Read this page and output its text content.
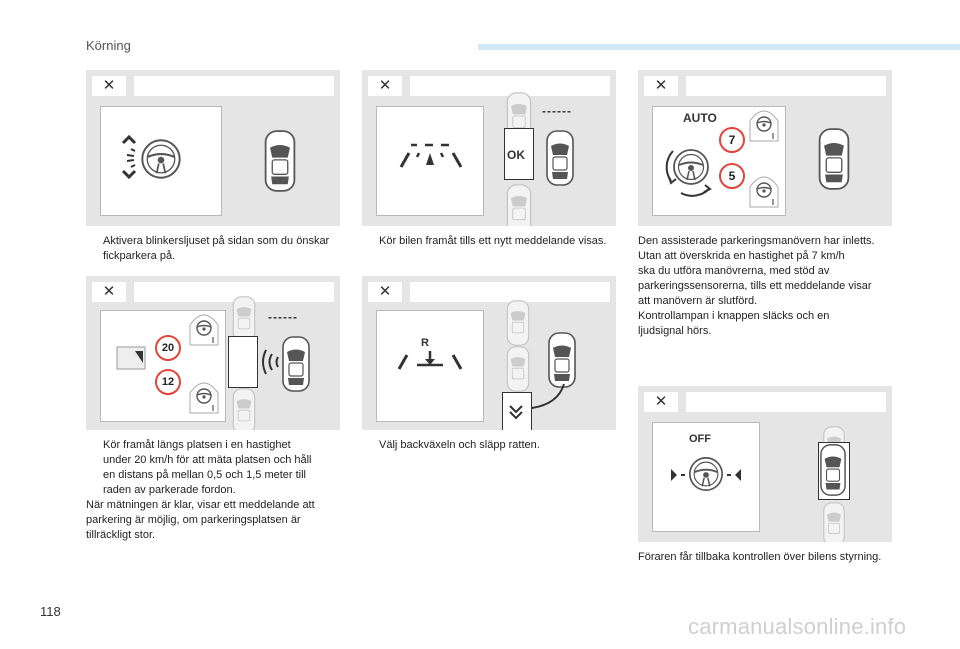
Körning
✕	✕
------
OK
✕
AUTO
7
5
Aktivera blinkersljuset på sidan som du önskar fickparkera på.
Kör bilen framåt tills ett nytt meddelande visas.	Den assisterade parkeringsmanövern har inletts.
Utan att överskrida en hastighet på 7 km/h
ska du utföra manövrerna, med stöd av
parkeringssensorerna, tills ett meddelande visar
att manövern är slutförd.
Kontrollampan i knappen släcks och en
ljudsignal hörs.
✕
20
12
------
✕
R
✕
OFF
Kör framåt längs platsen i en hastighet
under 20 km/h för att mäta platsen och håll
en distans på mellan 0,5 och 1,5 meter till
raden av parkerade fordon.
När mätningen är klar, visar ett meddelande att
parkering är möjlig, om parkeringsplatsen är
tillräckligt stor.
Välj backväxeln och släpp ratten.
Föraren får tillbaka kontrollen över bilens styrning.
118
carmanualsonline.info
